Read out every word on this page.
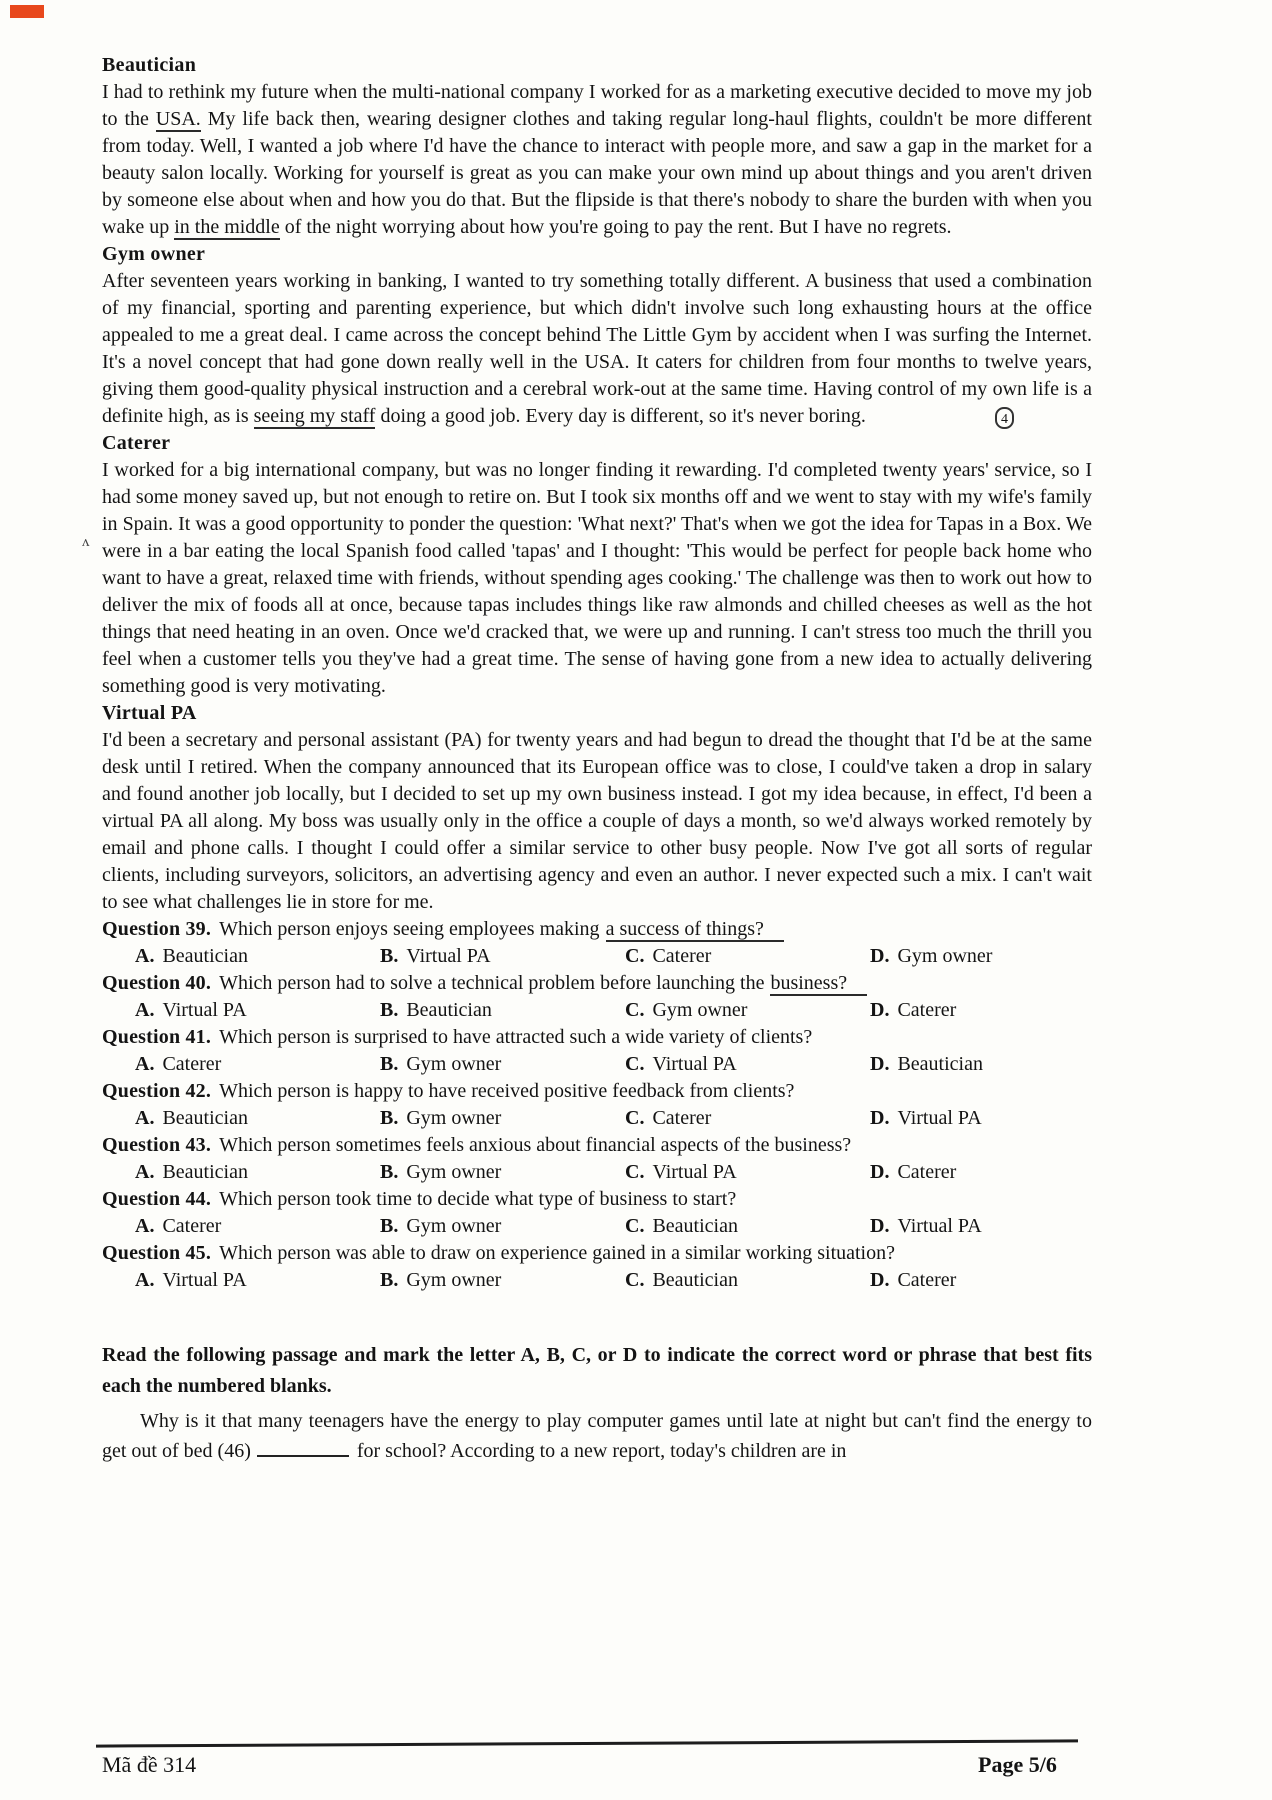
Beautician

I had to rethink my future when the multi-national company I worked for as a marketing executive decided to move my job to the USA. My life back then, wearing designer clothes and taking regular long-haul flights, couldn't be more different from today. Well, I wanted a job where I'd have the chance to interact with people more, and saw a gap in the market for a beauty salon locally. Working for yourself is great as you can make your own mind up about things and you aren't driven by someone else about when and how you do that. But the flipside is that there's nobody to share the burden with when you wake up in the middle of the night worrying about how you're going to pay the rent. But I have no regrets.

Gym owner

After seventeen years working in banking, I wanted to try something totally different. A business that used a combination of my financial, sporting and parenting experience, but which didn't involve such long exhausting hours at the office appealed to me a great deal. I came across the concept behind The Little Gym by accident when I was surfing the Internet. It's a novel concept that had gone down really well in the USA. It caters for children from four months to twelve years, giving them good-quality physical instruction and a cerebral work-out at the same time. Having control of my own life is a definite high, as is seeing my staff doing a good job. Every day is different, so it's never boring.	4
Caterer

I worked for a big international company, but was no longer finding it rewarding. I'd completed twenty years' service, so I had some money saved up, but not enough to retire on. But I took six months off and we went to stay with my wife's family in Spain. It was a good opportunity to ponder the question: 'What next?' That's when we got the idea for Tapas in a Box. We were in a bar eating the local Spanish food called 'tapas' and I thought: 'This would be perfect for people back home who want to have a great, relaxed time with friends, without spending ages cooking.' The challenge was then to work out how to deliver the mix of foods all at once, because tapas includes things like raw almonds and chilled cheeses as well as the hot things that need heating in an oven. Once we'd cracked that, we were up and running. I can't stress too much the thrill you feel when a customer tells you they've had a great time. The sense of having gone from a new idea to actually delivering something good is very motivating.

ʌ
Virtual PA

I'd been a secretary and personal assistant (PA) for twenty years and had begun to dread the thought that I'd be at the same desk until I retired. When the company announced that its European office was to close, I could've taken a drop in salary and found another job locally, but I decided to set up my own business instead. I got my idea because, in effect, I'd been a virtual PA all along. My boss was usually only in the office a couple of days a month, so we'd always worked remotely by email and phone calls. I thought I could offer a similar service to other busy people. Now I've got all sorts of regular clients, including surveyors, solicitors, an advertising agency and even an author. I never expected such a mix. I can't wait to see what challenges lie in store for me.

Question 39. Which person enjoys seeing employees making a success of things?
A. Beautician	B. Virtual PA	C. Caterer	D. Gym owner
Question 40. Which person had to solve a technical problem before launching the business?
A. Virtual PA	B. Beautician	C. Gym owner	D. Caterer
Question 41. Which person is surprised to have attracted such a wide variety of clients?
A. Caterer	B. Gym owner	C. Virtual PA	D. Beautician
Question 42. Which person is happy to have received positive feedback from clients?
A. Beautician	B. Gym owner	C. Caterer	D. Virtual PA
Question 43. Which person sometimes feels anxious about financial aspects of the business?
A. Beautician	B. Gym owner	C. Virtual PA	D. Caterer
Question 44. Which person took time to decide what type of business to start?
A. Caterer	B. Gym owner	C. Beautician	D. Virtual PA
Question 45. Which person was able to draw on experience gained in a similar working situation?
A. Virtual PA	B. Gym owner	C. Beautician	D. Caterer
Read the following passage and mark the letter A, B, C, or D to indicate the correct word or phrase that best fits each the numbered blanks.

Why is it that many teenagers have the energy to play computer games until late at night but can't find the energy to get out of bed (46)	for school? According to a new report, today's children are in

Mã đề 314	Page 5/6
